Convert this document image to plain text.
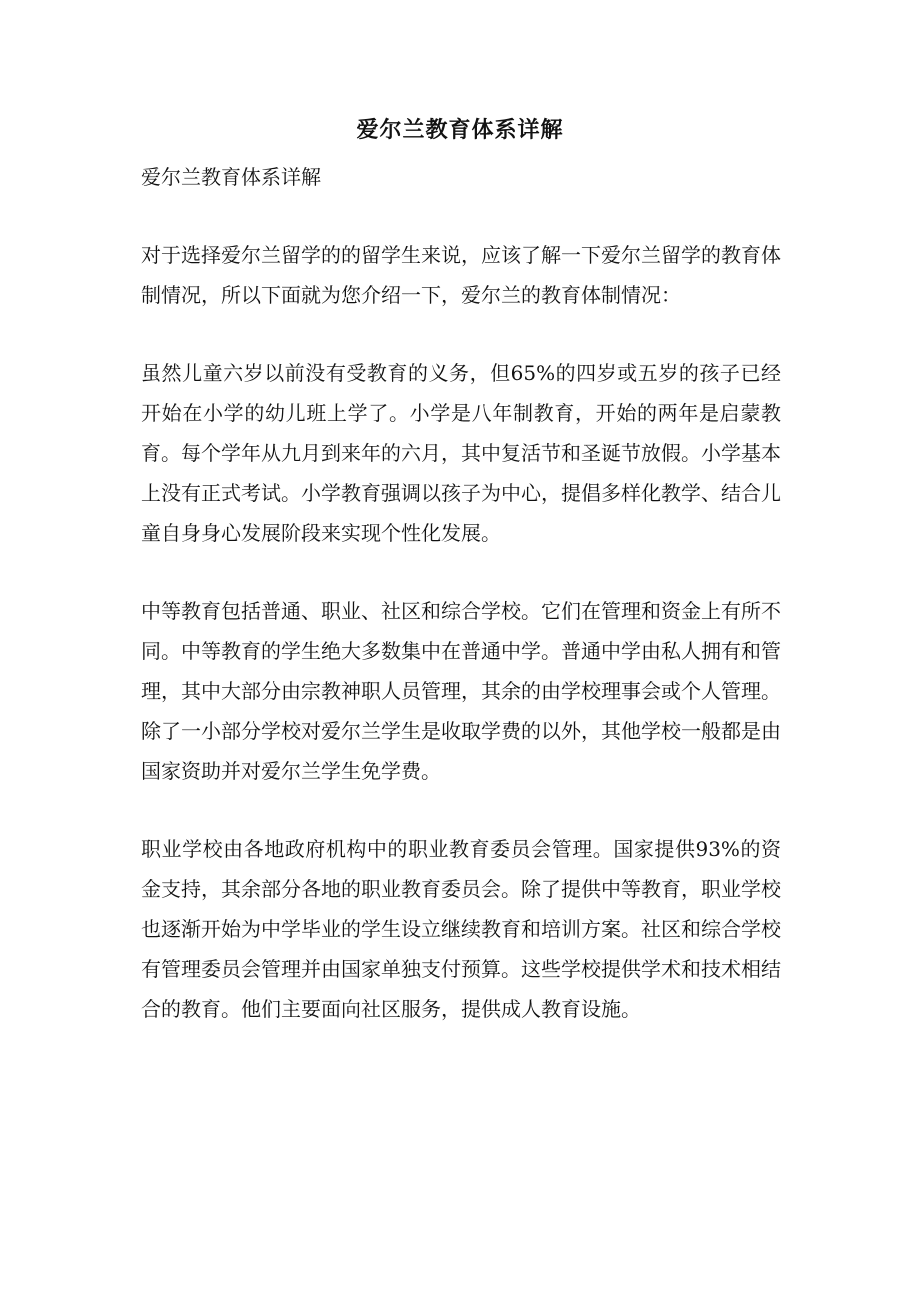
爱尔兰教育体系详解

爱尔兰教育体系详解

对于选择爱尔兰留学的的留学生来说，应该了解一下爱尔兰留学的教育体制情况，所以下面就为您介绍一下，爱尔兰的教育体制情况：

虽然儿童六岁以前没有受教育的义务，但65%的四岁或五岁的孩子已经开始在小学的幼儿班上学了。小学是八年制教育，开始的两年是启蒙教育。每个学年从九月到来年的六月，其中复活节和圣诞节放假。小学基本上没有正式考试。小学教育强调以孩子为中心，提倡多样化教学、结合儿童自身身心发展阶段来实现个性化发展。

中等教育包括普通、职业、社区和综合学校。它们在管理和资金上有所不同。中等教育的学生绝大多数集中在普通中学。普通中学由私人拥有和管理，其中大部分由宗教神职人员管理，其余的由学校理事会或个人管理。除了一小部分学校对爱尔兰学生是收取学费的以外，其他学校一般都是由国家资助并对爱尔兰学生免学费。

职业学校由各地政府机构中的职业教育委员会管理。国家提供93%的资金支持，其余部分各地的职业教育委员会。除了提供中等教育，职业学校也逐渐开始为中学毕业的学生设立继续教育和培训方案。社区和综合学校有管理委员会管理并由国家单独支付预算。这些学校提供学术和技术相结合的教育。他们主要面向社区服务，提供成人教育设施。
